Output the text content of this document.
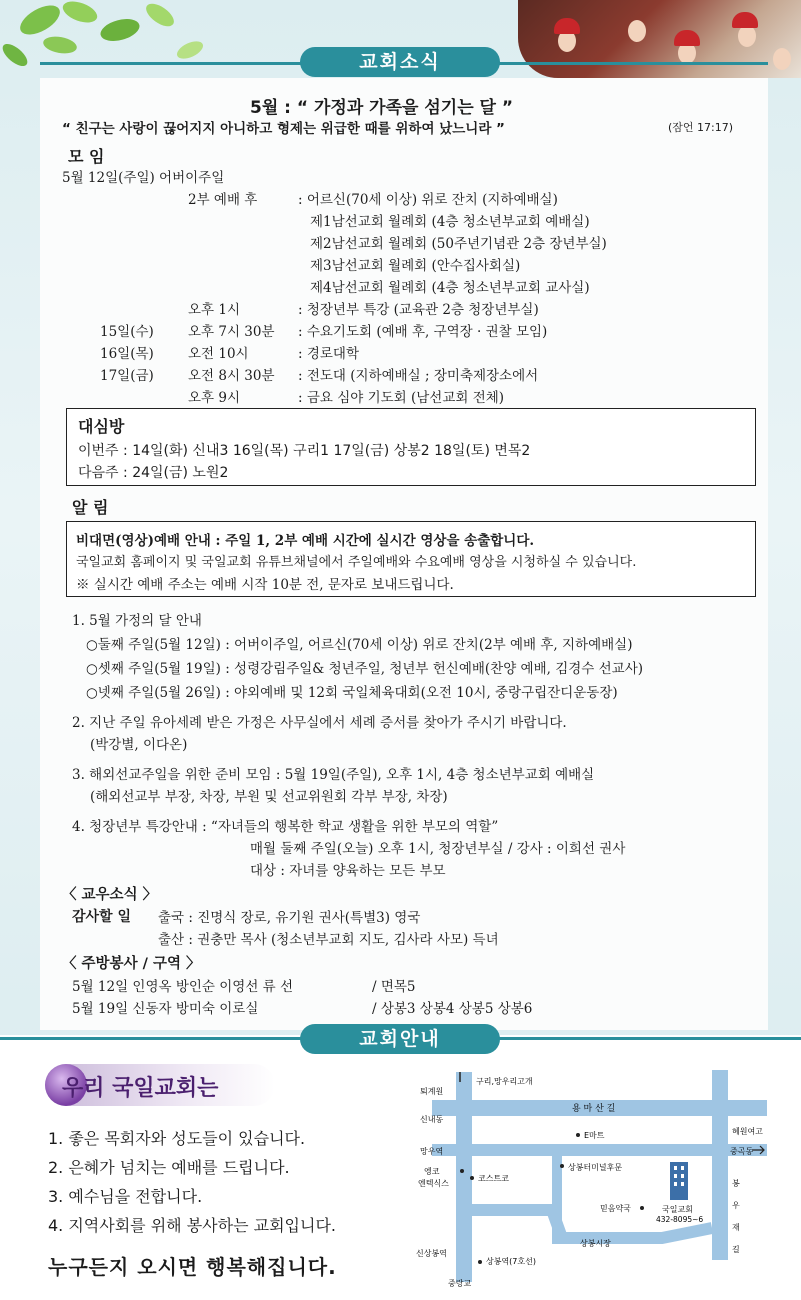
교회소식
5월 : “ 가정과 가족을 섬기는 달 ”
“ 친구는 사랑이 끊어지지 아니하고 형제는 위급한 때를 위하여 났느니라 ”	(잠언 17:17)
모 임
5월 12일(주일) 어버이주일
2부 예배 후	: 어르신(70세 이상) 위로 잔치 (지하예배실)
제1남선교회 월례회 (4층 청소년부교회 예배실)
제2남선교회 월례회 (50주년기념관 2층 장년부실)
제3남선교회 월례회 (안수집사회실)
제4남선교회 월례회 (4층 청소년부교회 교사실)
오후 1시	: 청장년부 특강 (교육관 2층 청장년부실)
15일(수)	오후 7시 30분 : 수요기도회 (예배 후, 구역장 · 권찰 모임)
16일(목)	오전 10시	: 경로대학
17일(금)	오전 8시 30분 : 전도대 (지하예배실 ; 장미축제장소에서
오후 9시	: 금요 심야 기도회 (남선교회 전체)
대심방
이번주 : 14일(화) 신내3 16일(목) 구리1 17일(금) 상봉2 18일(토) 면목2
다음주 : 24일(금) 노원2
알 림
비대면(영상)예배 안내 : 주일 1, 2부 예배 시간에 실시간 영상을 송출합니다.
국일교회 홈페이지 및 국일교회 유튜브채널에서 주일예배와 수요예배 영상을 시청하실 수 있습니다.
※ 실시간 예배 주소는 예배 시작 10분 전, 문자로 보내드립니다.
1. 5월 가정의 달 안내
○둘째 주일(5월 12일) : 어버이주일, 어르신(70세 이상) 위로 잔치(2부 예배 후, 지하예배실)
○셋째 주일(5월 19일) : 성령강림주일& 청년주일, 청년부 헌신예배(찬양 예배, 김경수 선교사)
○넷째 주일(5월 26일) : 야외예배 및 12회 국일체육대회(오전 10시, 중랑구립잔디운동장)
2. 지난 주일 유아세례 받은 가정은 사무실에서 세례 증서를 찾아가 주시기 바랍니다.
(박강별, 이다온)
3. 해외선교주일을 위한 준비 모임 : 5월 19일(주일), 오후 1시, 4층 청소년부교회 예배실
(해외선교부 부장, 차장, 부원 및 선교위원회 각부 부장, 차장)
4. 청장년부 특강안내 : “자녀들의 행복한 학교 생활을 위한 부모의 역할”
매월 둘째 주일(오늘) 오후 1시, 청장년부실 / 강사 : 이희선 권사
대상 : 자녀를 양육하는 모든 부모
〈 교우소식 〉
감사할 일 출국 : 진명식 장로, 유기원 권사(특별3) 영국
출산 : 권충만 목사 (청소년부교회 지도, 김사라 사모) 득녀
〈 주방봉사 / 구역 〉
5월 12일 인영옥 방인순 이영선 류 선	/ 면목5
5월 19일 신동자 방미숙 이로실	/ 상봉3 상봉4 상봉5 상봉6
교회안내
우리 국일교회는
1. 좋은 목회자와 성도들이 있습니다.
2. 은혜가 넘치는 예배를 드립니다.
3. 예수님을 전합니다.
4. 지역사회를 위해 봉사하는 교회입니다.
누구든지 오시면 행복해집니다.
퇴계원
구리,망우리고개
용 마 산 길
신내동
E마트	혜원여고
망우역	중곡동
엥코
엔텍식스
코스트코
상봉터미널후문
국일교회
432-8095~6
믿음약국
봉
우
재
길
상봉시장
신상봉역
상봉역(7호선)
중랑교
